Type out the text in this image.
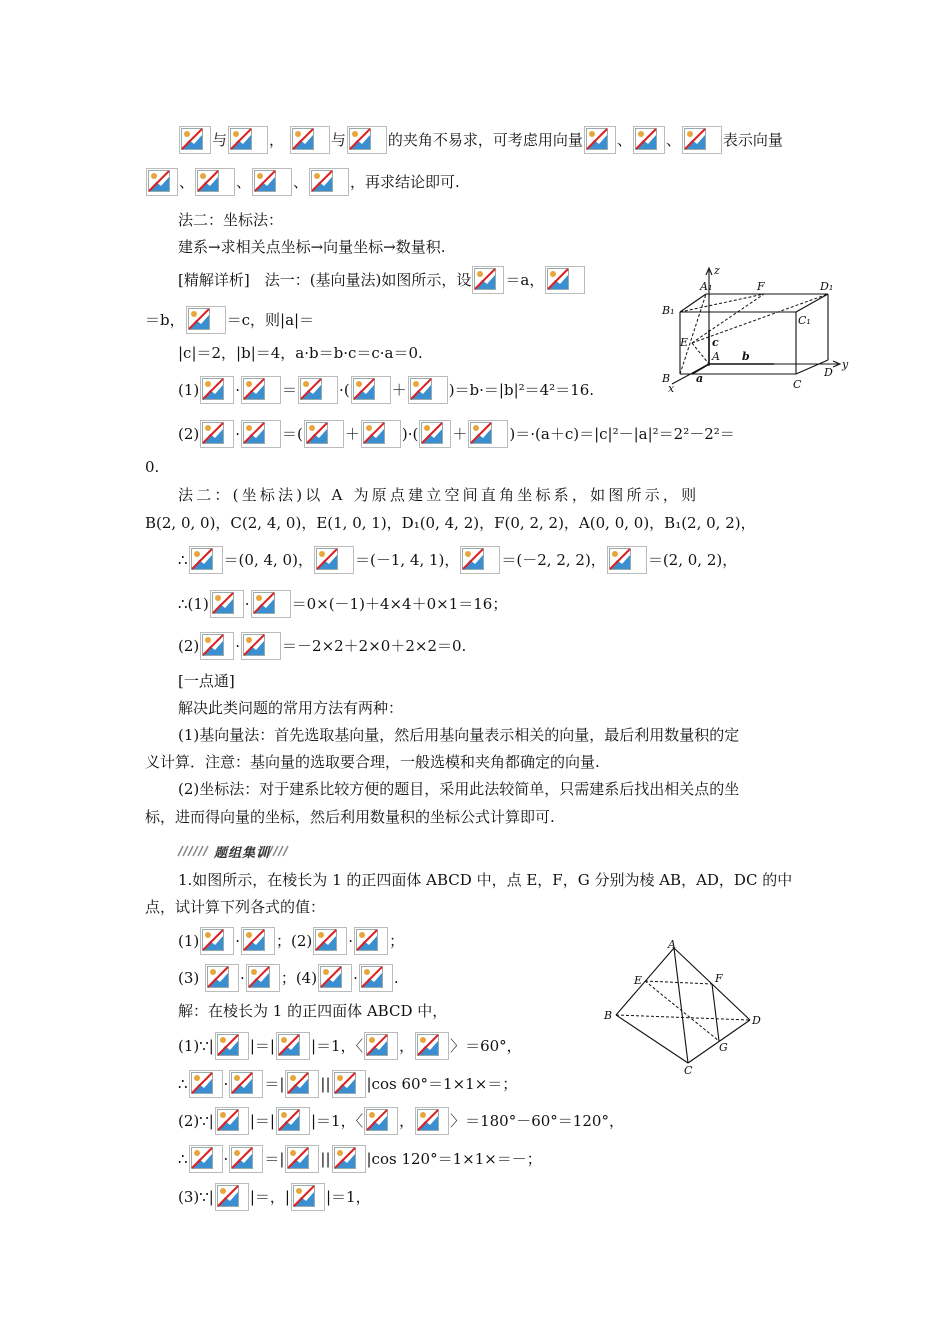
与	，	与	的夹角不易求，可考虑用向量 、 、	表示向量
、	、	、	，再求结论即可.
法二：坐标法：
建系→求相关点坐标→向量坐标→数量积.
[精解详析]　法一：(基向量法)如图所示，设 ＝a，
＝b，	＝c，则|a|＝
|c|＝2，|b|＝4，a·b＝b·c＝c·a＝0.
(1) ·	＝	·(	＋	)＝b·＝|b|²＝4²＝16.
(2) ·	＝(	＋	)·( ＋	)＝·(a＋c)＝|c|²－|a|²＝2²－2²＝
0.
法二：(坐标法)以 A 为原点建立空间直角坐标系，如图所示，则
B(2, 0, 0)，C(2, 4, 0)，E(1, 0, 1)，D₁(0, 4, 2)，F(0, 2, 2)，A(0, 0, 0)，B₁(2, 0, 2)，
∴ ＝(0, 4, 0)，	＝(－1, 4, 1)，	＝(－2, 2, 2)，	＝(2, 0, 2)，
∴(1) ·	＝0×(－1)＋4×4＋0×1＝16；
(2) ·	＝－2×2＋2×0＋2×2＝0.
[一点通]
解决此类问题的常用方法有两种：
(1)基向量法：首先选取基向量，然后用基向量表示相关的向量，最后利用数量积的定
义计算．注意：基向量的选取要合理，一般选模和夹角都确定的向量.
(2)坐标法：对于建系比较方便的题目，采用此法较简单，只需建系后找出相关点的坐
标，进而得向量的坐标，然后利用数量积的坐标公式计算即可.
题组集训
1.如图所示，在棱长为 1 的正四面体 ABCD 中，点 E，F，G 分别为棱 AB，AD，DC 的中
点，试计算下列各式的值：
(1) · ；(2) · ；
(3)	· ；(4) · .
解：在棱长为 1 的正四面体 ABCD 中，
(1)∵| |＝| |＝1，〈 ， 〉＝60°，
∴ · ＝| || |cos 60°＝1×1×＝；
(2)∵| |＝| |＝1，〈 ， 〉＝180°－60°＝120°，
∴ · ＝| || |cos 120°＝1×1×＝－；
(3)∵| |＝，| |＝1，
z
A₁	F	D₁
B₁
C₁
E c
A b
B a	C
D
y
x
A
E	F
B	D
G
C
